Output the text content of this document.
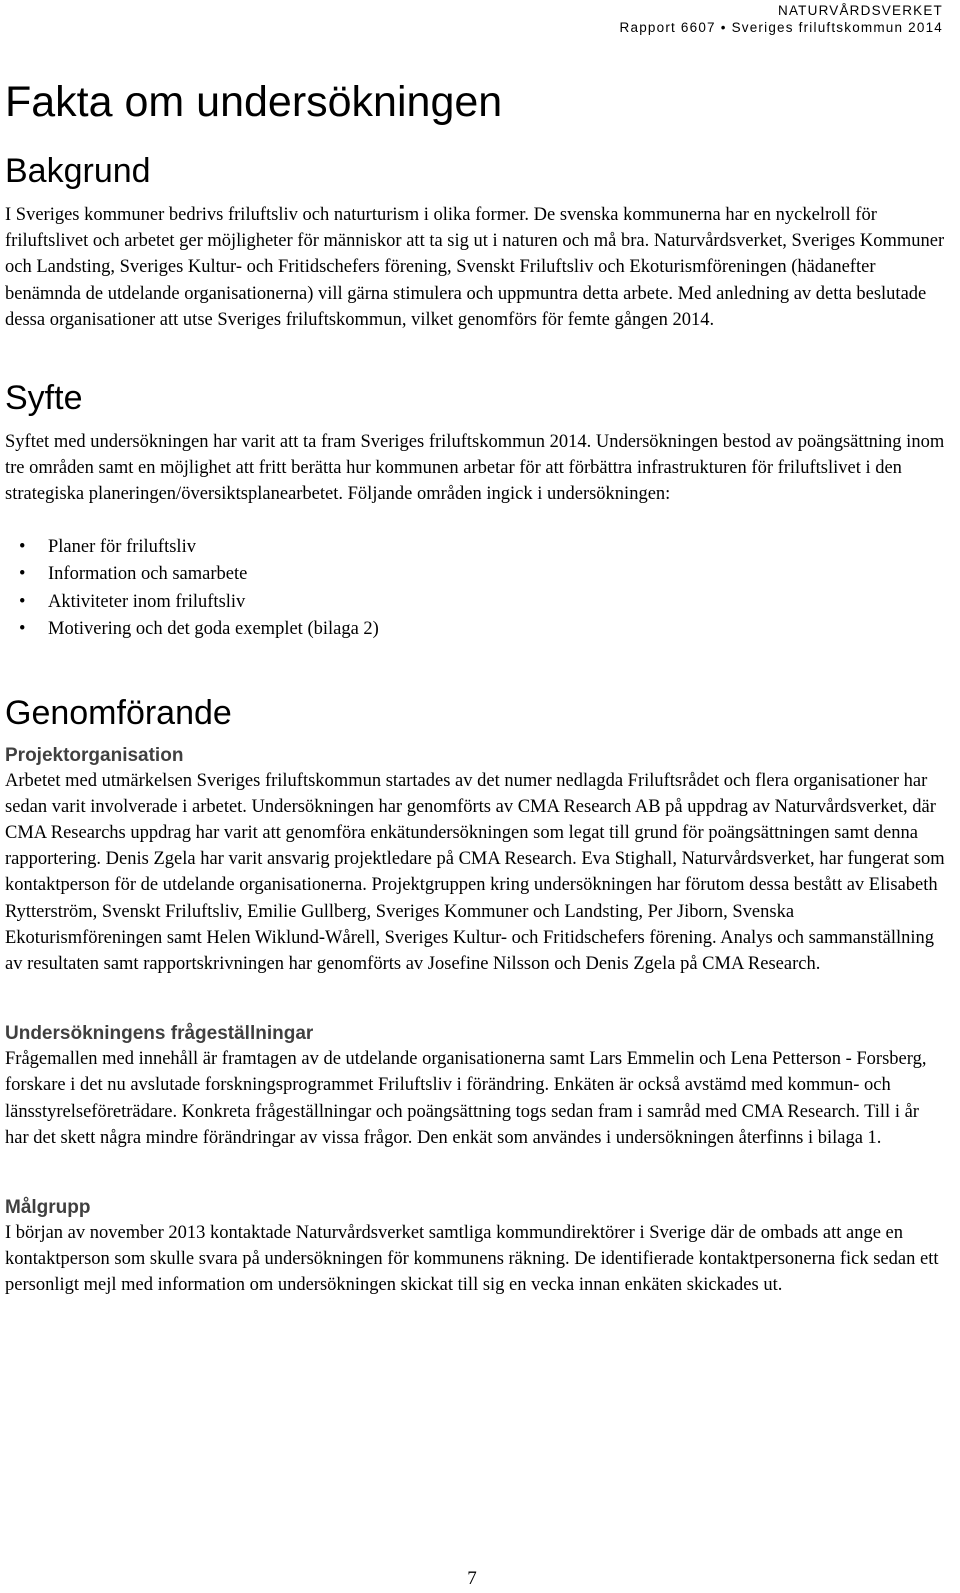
NATURVÅRDSVERKET
Rapport 6607 • Sveriges friluftskommun 2014
Fakta om undersökningen
Bakgrund

I Sveriges kommuner bedrivs friluftsliv och naturturism i olika former. De svenska kommunerna har en nyckelroll för friluftslivet och arbetet ger möjligheter för människor att ta sig ut i naturen och må bra. Naturvårdsverket, Sveriges Kommuner och Landsting, Sveriges Kultur- och Fritidschefers förening, Svenskt Friluftsliv och Ekoturismföreningen (hädanefter benämnda de utdelande organisationerna) vill gärna stimulera och uppmuntra detta arbete. Med anledning av detta beslutade dessa organisationer att utse Sveriges friluftskommun, vilket genomförs för femte gången 2014.

Syfte

Syftet med undersökningen har varit att ta fram Sveriges friluftskommun 2014. Undersökningen bestod av poängsättning inom tre områden samt en möjlighet att fritt berätta hur kommunen arbetar för att förbättra infrastrukturen för friluftslivet i den strategiska planeringen/översiktsplanearbetet. Följande områden ingick i undersökningen:

• Planer för friluftsliv
• Information och samarbete
• Aktiviteter inom friluftsliv
• Motivering och det goda exemplet (bilaga 2)
Genomförande
Projektorganisation

Arbetet med utmärkelsen Sveriges friluftskommun startades av det numer nedlagda Friluftsrådet och flera organisationer har sedan varit involverade i arbetet. Undersökningen har genomförts av CMA Research AB på uppdrag av Naturvårdsverket, där CMA Researchs uppdrag har varit att genomföra enkätundersökningen som legat till grund för poängsättningen samt denna rapportering. Denis Zgela har varit ansvarig projektledare på CMA Research. Eva Stighall, Naturvårdsverket, har fungerat som kontaktperson för de utdelande organisationerna. Projektgruppen kring undersökningen har förutom dessa bestått av Elisabeth Rytterström, Svenskt Friluftsliv, Emilie Gullberg, Sveriges Kommuner och Landsting, Per Jiborn, Svenska Ekoturismföreningen samt Helen Wiklund-Wårell, Sveriges Kultur- och Fritidschefers förening. Analys och sammanställning av resultaten samt rapportskrivningen har genomförts av Josefine Nilsson och Denis Zgela på CMA Research.

Undersökningens frågeställningar

Frågemallen med innehåll är framtagen av de utdelande organisationerna samt Lars Emmelin och Lena Petterson - Forsberg, forskare i det nu avslutade forskningsprogrammet Friluftsliv i förändring. Enkäten är också avstämd med kommun- och länsstyrelseföreträdare. Konkreta frågeställningar och poängsättning togs sedan fram i samråd med CMA Research. Till i år har det skett några mindre förändringar av vissa frågor. Den enkät som användes i undersökningen återfinns i bilaga 1.

Målgrupp

I början av november 2013 kontaktade Naturvårdsverket samtliga kommundirektörer i Sverige där de ombads att ange en kontaktperson som skulle svara på undersökningen för kommunens räkning. De identifierade kontaktpersonerna fick sedan ett personligt mejl med information om undersökningen skickat till sig en vecka innan enkäten skickades ut.

7
